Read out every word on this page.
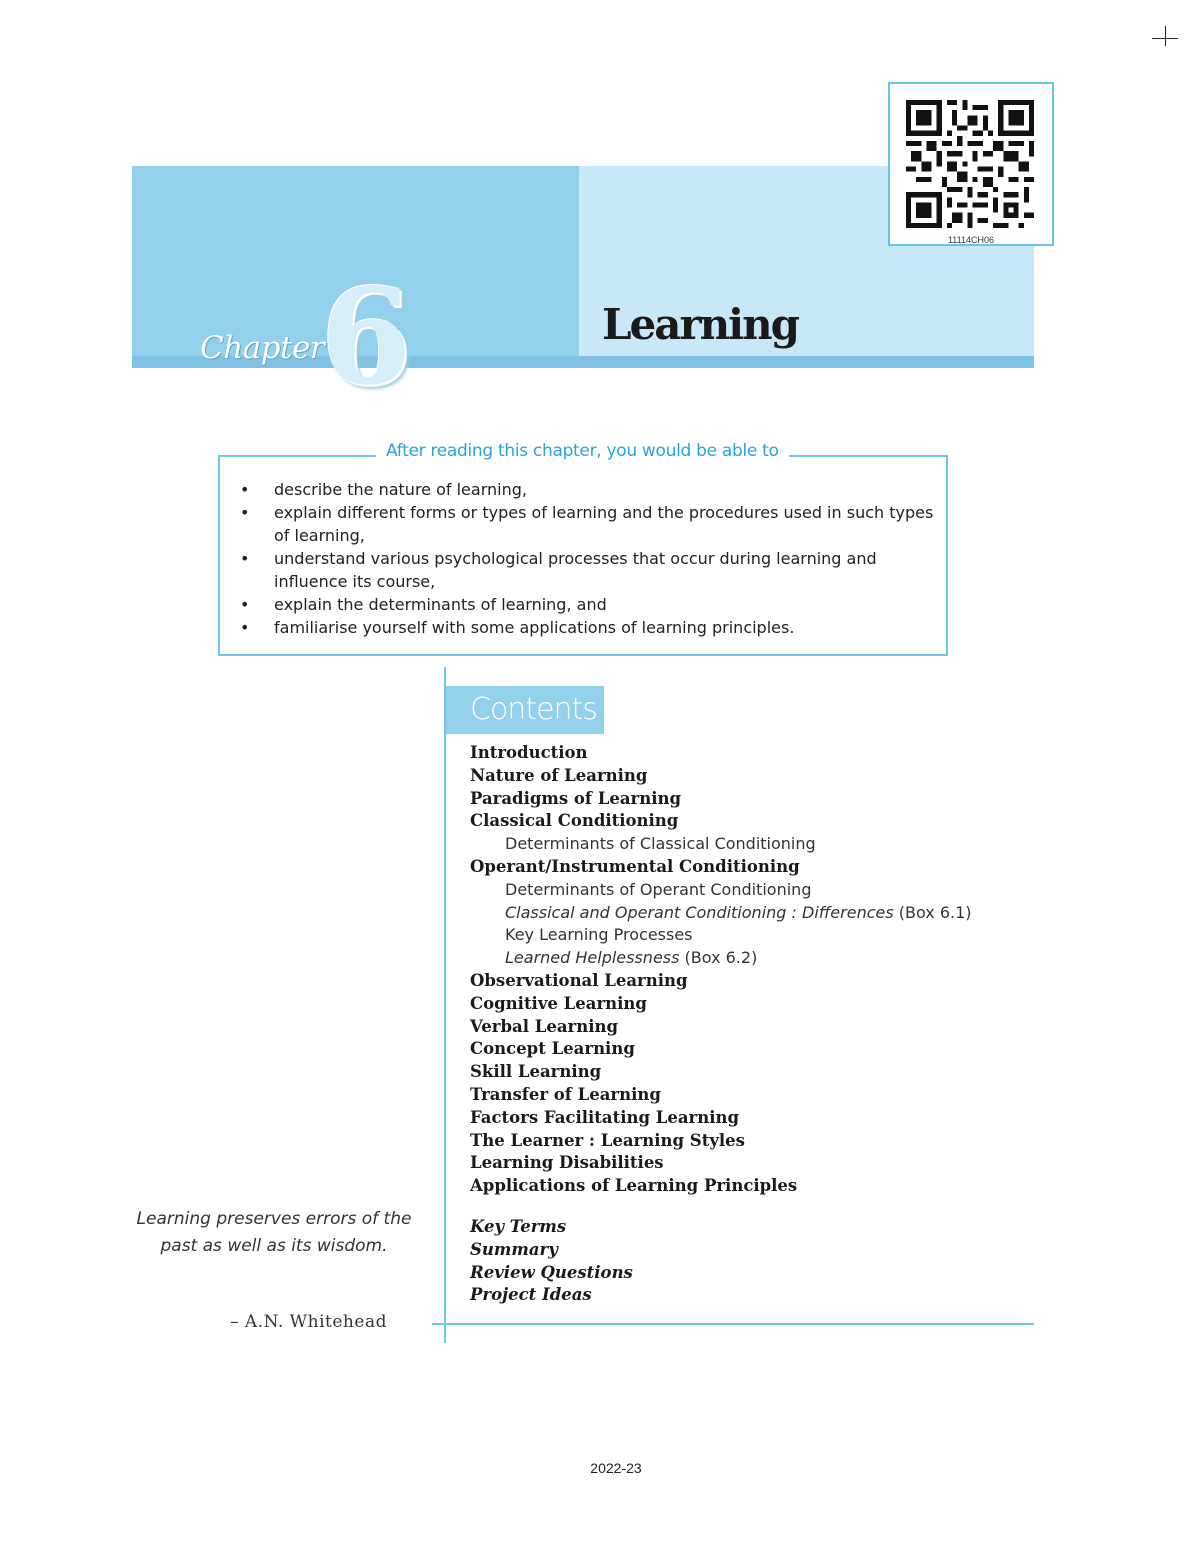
6
Chapter	Learning
11114CH06
After reading this chapter, you would be able to
• describe the nature of learning,
• explain different forms or types of learning and the procedures used in such types of learning,
• understand various psychological processes that occur during learning and influence its course,
• explain the determinants of learning, and
• familiarise yourself with some applications of learning principles.
Contents
Introduction
Nature of Learning
Paradigms of Learning
Classical Conditioning
Determinants of Classical Conditioning
Operant/Instrumental Conditioning
Determinants of Operant Conditioning
Classical and Operant Conditioning : Differences (Box 6.1)
Key Learning Processes
Learned Helplessness (Box 6.2)
Observational Learning
Cognitive Learning
Verbal Learning
Concept Learning
Skill Learning
Transfer of Learning
Factors Facilitating Learning
The Learner : Learning Styles
Learning Disabilities
Applications of Learning Principles
Key Terms
Summary
Review Questions
Project Ideas
Learning preserves errors of the past as well as its wisdom.
– A.N. Whitehead
2022-23
